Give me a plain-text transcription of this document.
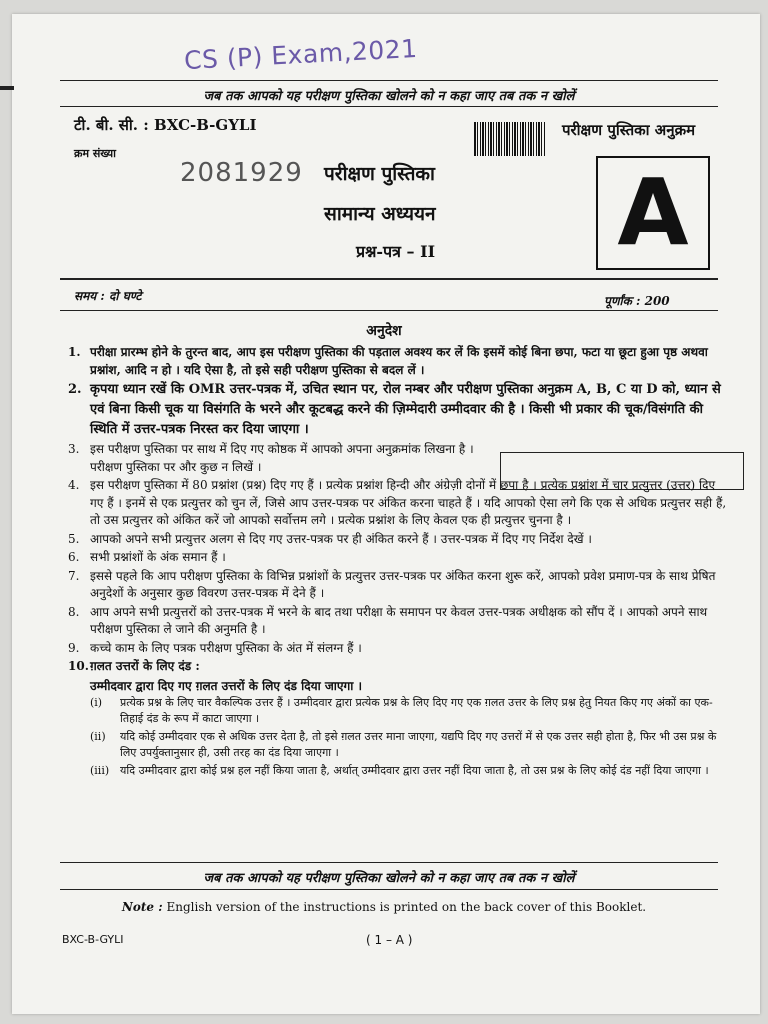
CS (P) Exam,2021
जब तक आपको यह परीक्षण पुस्तिका खोलने को न कहा जाए तब तक न खोलें
टी. बी. सी. : BXC-B-GYLI	परीक्षण पुस्तिका अनुक्रम
क्रम संख्या
2081929 परीक्षण पुस्तिका
सामान्य अध्ययन
प्रश्न-पत्र – II A
समय : दो घण्टे	पूर्णांक : 200
अनुदेश
1. परीक्षा प्रारम्भ होने के तुरन्त बाद, आप इस परीक्षण पुस्तिका की पड़ताल अवश्य कर लें कि इसमें कोई बिना छपा, फटा या छूटा हुआ पृष्ठ अथवा प्रश्नांश, आदि न हो । यदि ऐसा है, तो इसे सही परीक्षण पुस्तिका से बदल लें ।
2. कृपया ध्यान रखें कि OMR उत्तर-पत्रक में, उचित स्थान पर, रोल नम्बर और परीक्षण पुस्तिका अनुक्रम A, B, C या D को, ध्यान से एवं बिना किसी चूक या विसंगति के भरने और कूटबद्ध करने की ज़िम्मेदारी उम्मीदवार की है । किसी भी प्रकार की चूक/विसंगति की स्थिति में उत्तर-पत्रक निरस्त कर दिया जाएगा ।
3. इस परीक्षण पुस्तिका पर साथ में दिए गए कोष्ठक में आपको अपना अनुक्रमांक लिखना है । परीक्षण पुस्तिका पर और कुछ न लिखें ।
4. इस परीक्षण पुस्तिका में 80 प्रश्नांश (प्रश्न) दिए गए हैं । प्रत्येक प्रश्नांश हिन्दी और अंग्रेज़ी दोनों में छपा है । प्रत्येक प्रश्नांश में चार प्रत्युत्तर (उत्तर) दिए गए हैं । इनमें से एक प्रत्युत्तर को चुन लें, जिसे आप उत्तर-पत्रक पर अंकित करना चाहते हैं । यदि आपको ऐसा लगे कि एक से अधिक प्रत्युत्तर सही हैं, तो उस प्रत्युत्तर को अंकित करें जो आपको सर्वोत्तम लगे । प्रत्येक प्रश्नांश के लिए केवल एक ही प्रत्युत्तर चुनना है ।
5. आपको अपने सभी प्रत्युत्तर अलग से दिए गए उत्तर-पत्रक पर ही अंकित करने हैं । उत्तर-पत्रक में दिए गए निर्देश देखें ।
6. सभी प्रश्नांशों के अंक समान हैं ।
7. इससे पहले कि आप परीक्षण पुस्तिका के विभिन्न प्रश्नांशों के प्रत्युत्तर उत्तर-पत्रक पर अंकित करना शुरू करें, आपको प्रवेश प्रमाण-पत्र के साथ प्रेषित अनुदेशों के अनुसार कुछ विवरण उत्तर-पत्रक में देने हैं ।
8. आप अपने सभी प्रत्युत्तरों को उत्तर-पत्रक में भरने के बाद तथा परीक्षा के समापन पर केवल उत्तर-पत्रक अधीक्षक को सौंप दें । आपको अपने साथ परीक्षण पुस्तिका ले जाने की अनुमति है ।
9. कच्चे काम के लिए पत्रक परीक्षण पुस्तिका के अंत में संलग्न हैं ।
10. ग़लत उत्तरों के लिए दंड :
उम्मीदवार द्वारा दिए गए ग़लत उत्तरों के लिए दंड दिया जाएगा ।
(i) प्रत्येक प्रश्न के लिए चार वैकल्पिक उत्तर हैं । उम्मीदवार द्वारा प्रत्येक प्रश्न के लिए दिए गए एक ग़लत उत्तर के लिए प्रश्न हेतु नियत किए गए अंकों का एक-तिहाई दंड के रूप में काटा जाएगा ।
(ii) यदि कोई उम्मीदवार एक से अधिक उत्तर देता है, तो इसे ग़लत उत्तर माना जाएगा, यद्यपि दिए गए उत्तरों में से एक उत्तर सही होता है, फिर भी उस प्रश्न के लिए उपर्युक्तानुसार ही, उसी तरह का दंड दिया जाएगा ।
(iii) यदि उम्मीदवार द्वारा कोई प्रश्न हल नहीं किया जाता है, अर्थात् उम्मीदवार द्वारा उत्तर नहीं दिया जाता है, तो उस प्रश्न के लिए कोई दंड नहीं दिया जाएगा ।
जब तक आपको यह परीक्षण पुस्तिका खोलने को न कहा जाए तब तक न खोलें
Note : English version of the instructions is printed on the back cover of this Booklet.
BXC-B-GYLI	( 1 – A )
